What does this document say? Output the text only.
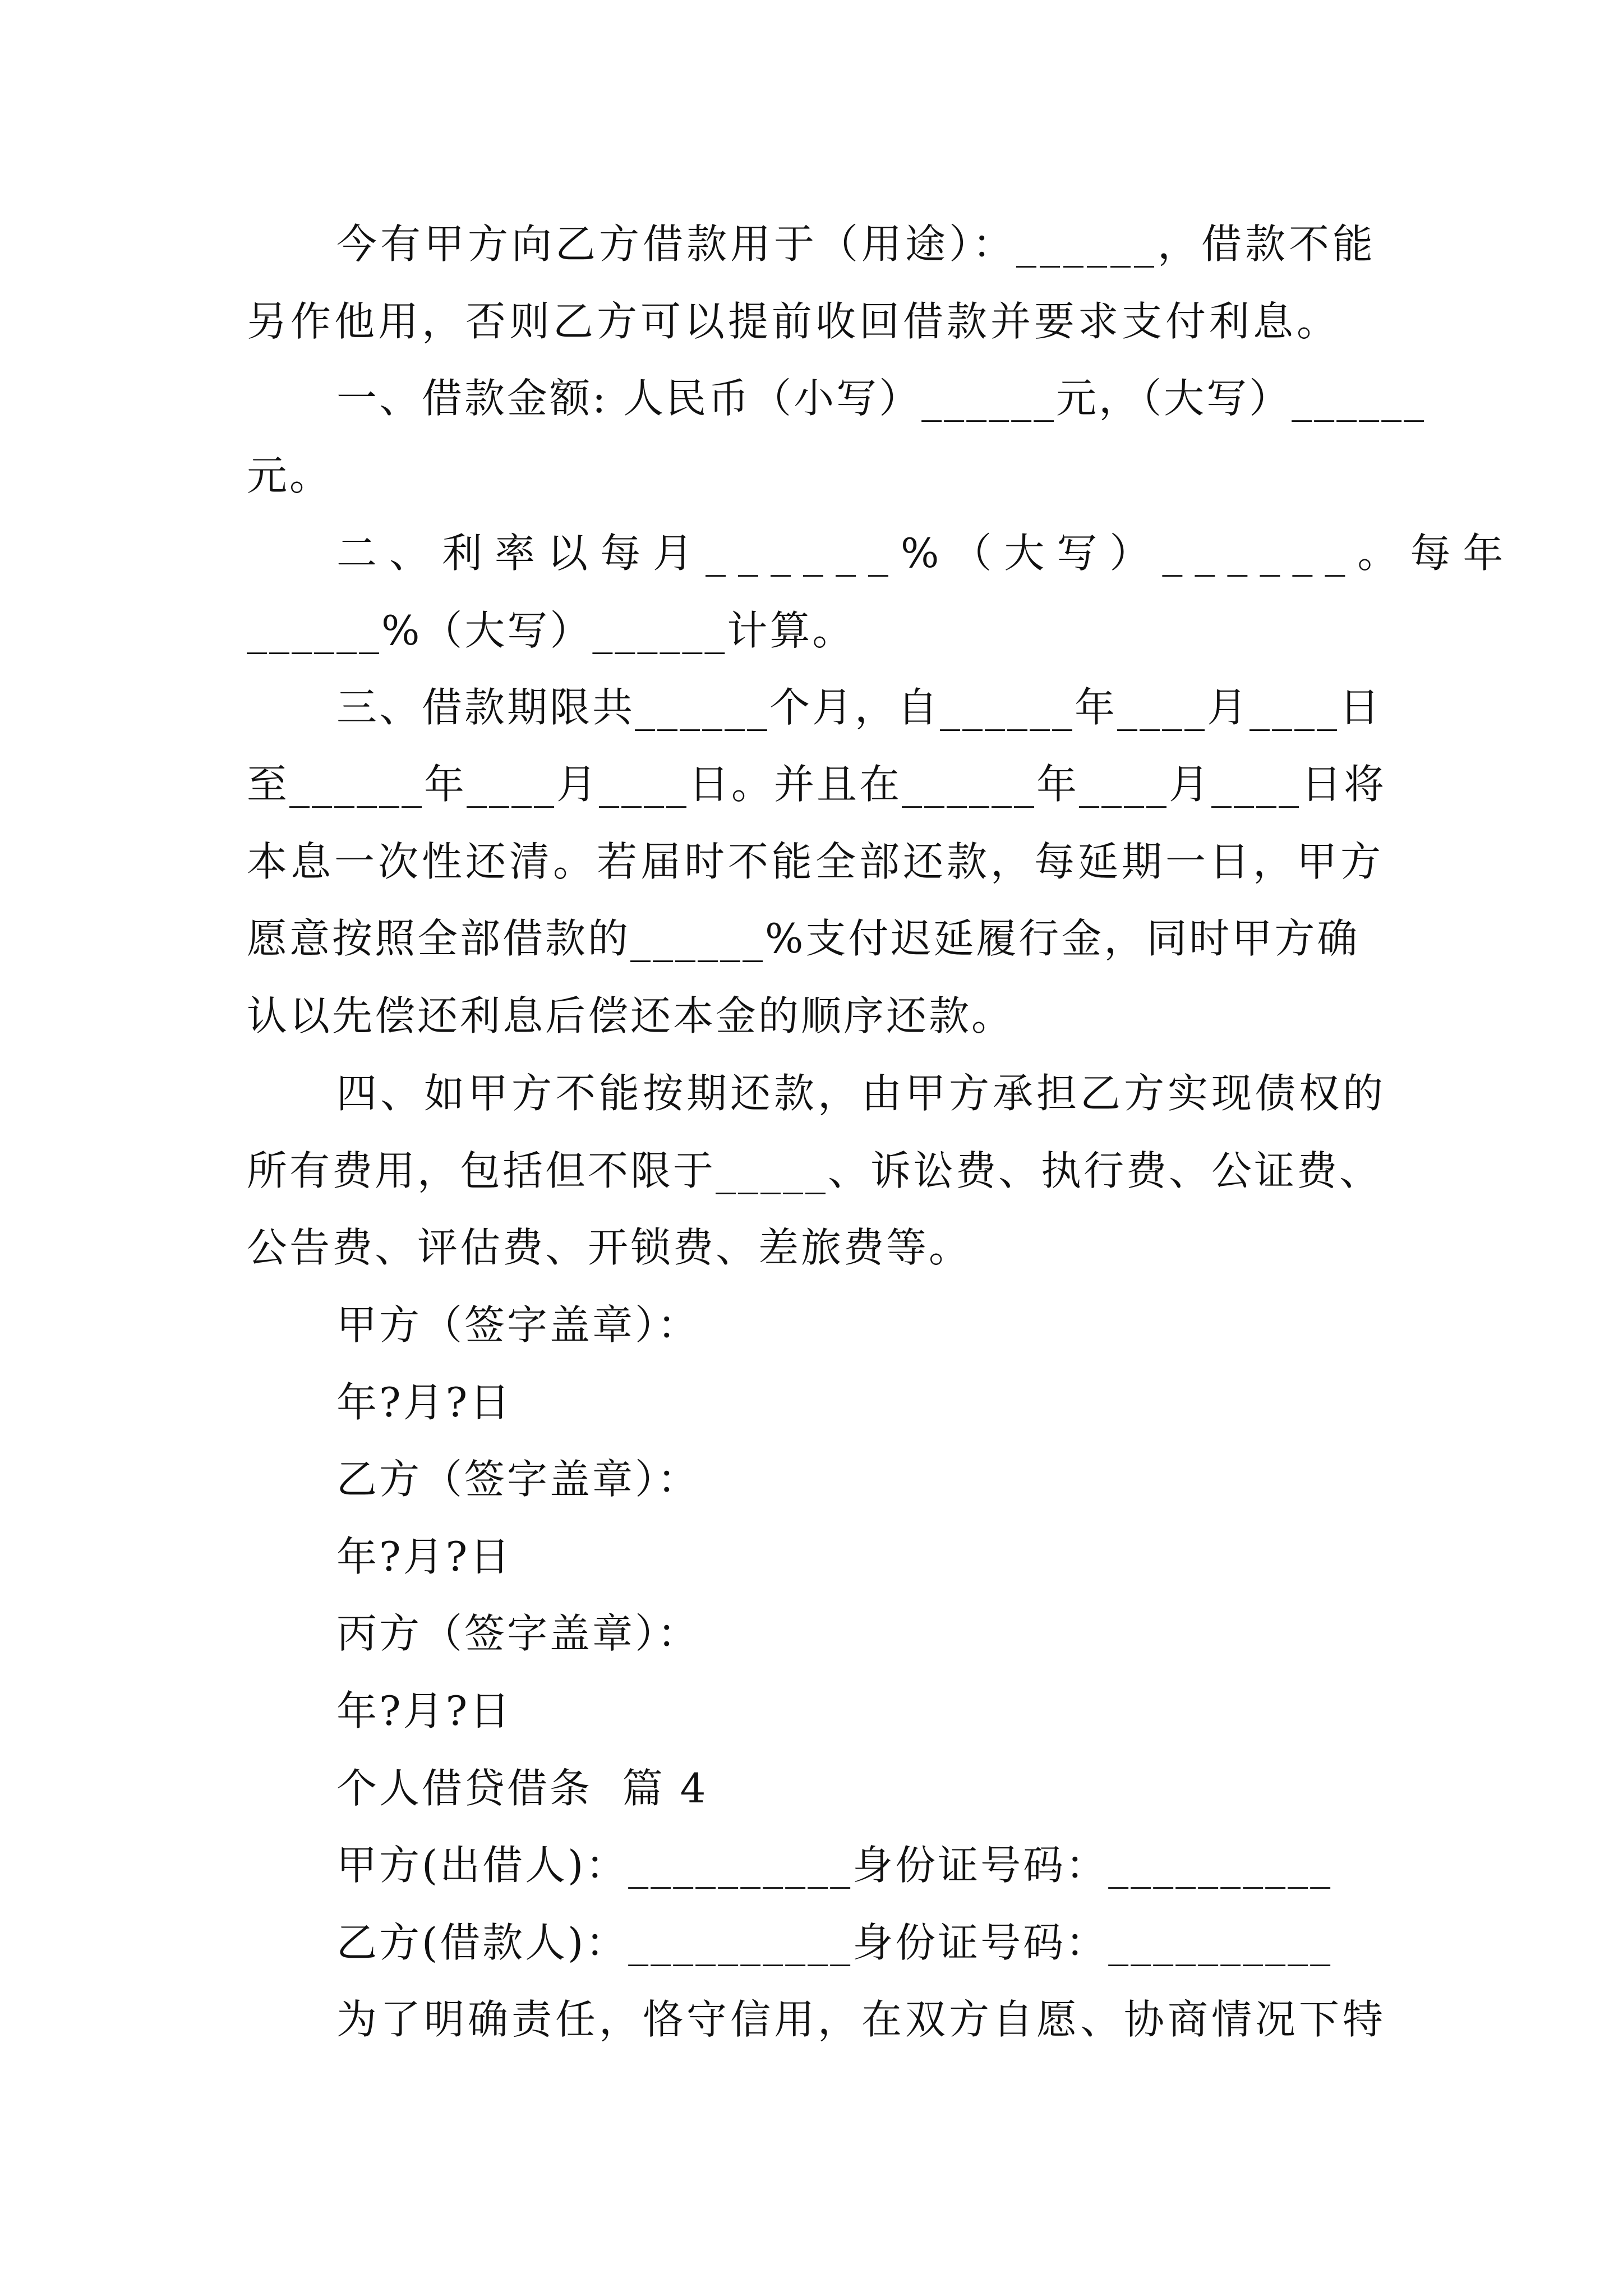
今有甲方向乙方借款用于（用途）：______，借款不能
另作他用，否则乙方可以提前收回借款并要求支付利息。
一、借款金额: 人民币（小写）______元，（大写）______
元。
二、利率以每月______%（大写）______。每年
______%（大写）______计算。
三、借款期限共______个月，自______年____月____日
至______年____月____日。并且在______年____月____日将
本息一次性还清。若届时不能全部还款，每延期一日，甲方
愿意按照全部借款的______%支付迟延履行金，同时甲方确
认以先偿还利息后偿还本金的顺序还款。
四、如甲方不能按期还款，由甲方承担乙方实现债权的
所有费用，包括但不限于_____、诉讼费、执行费、公证费、
公告费、评估费、开锁费、差旅费等。
甲方（签字盖章）：
年?月?日
乙方（签字盖章）：
年?月?日
丙方（签字盖章）：
年?月?日
个人借贷借条  篇 4
甲方(出借人)：__________身份证号码：__________
乙方(借款人)：__________身份证号码：__________
为了明确责任，恪守信用，在双方自愿、协商情况下特
